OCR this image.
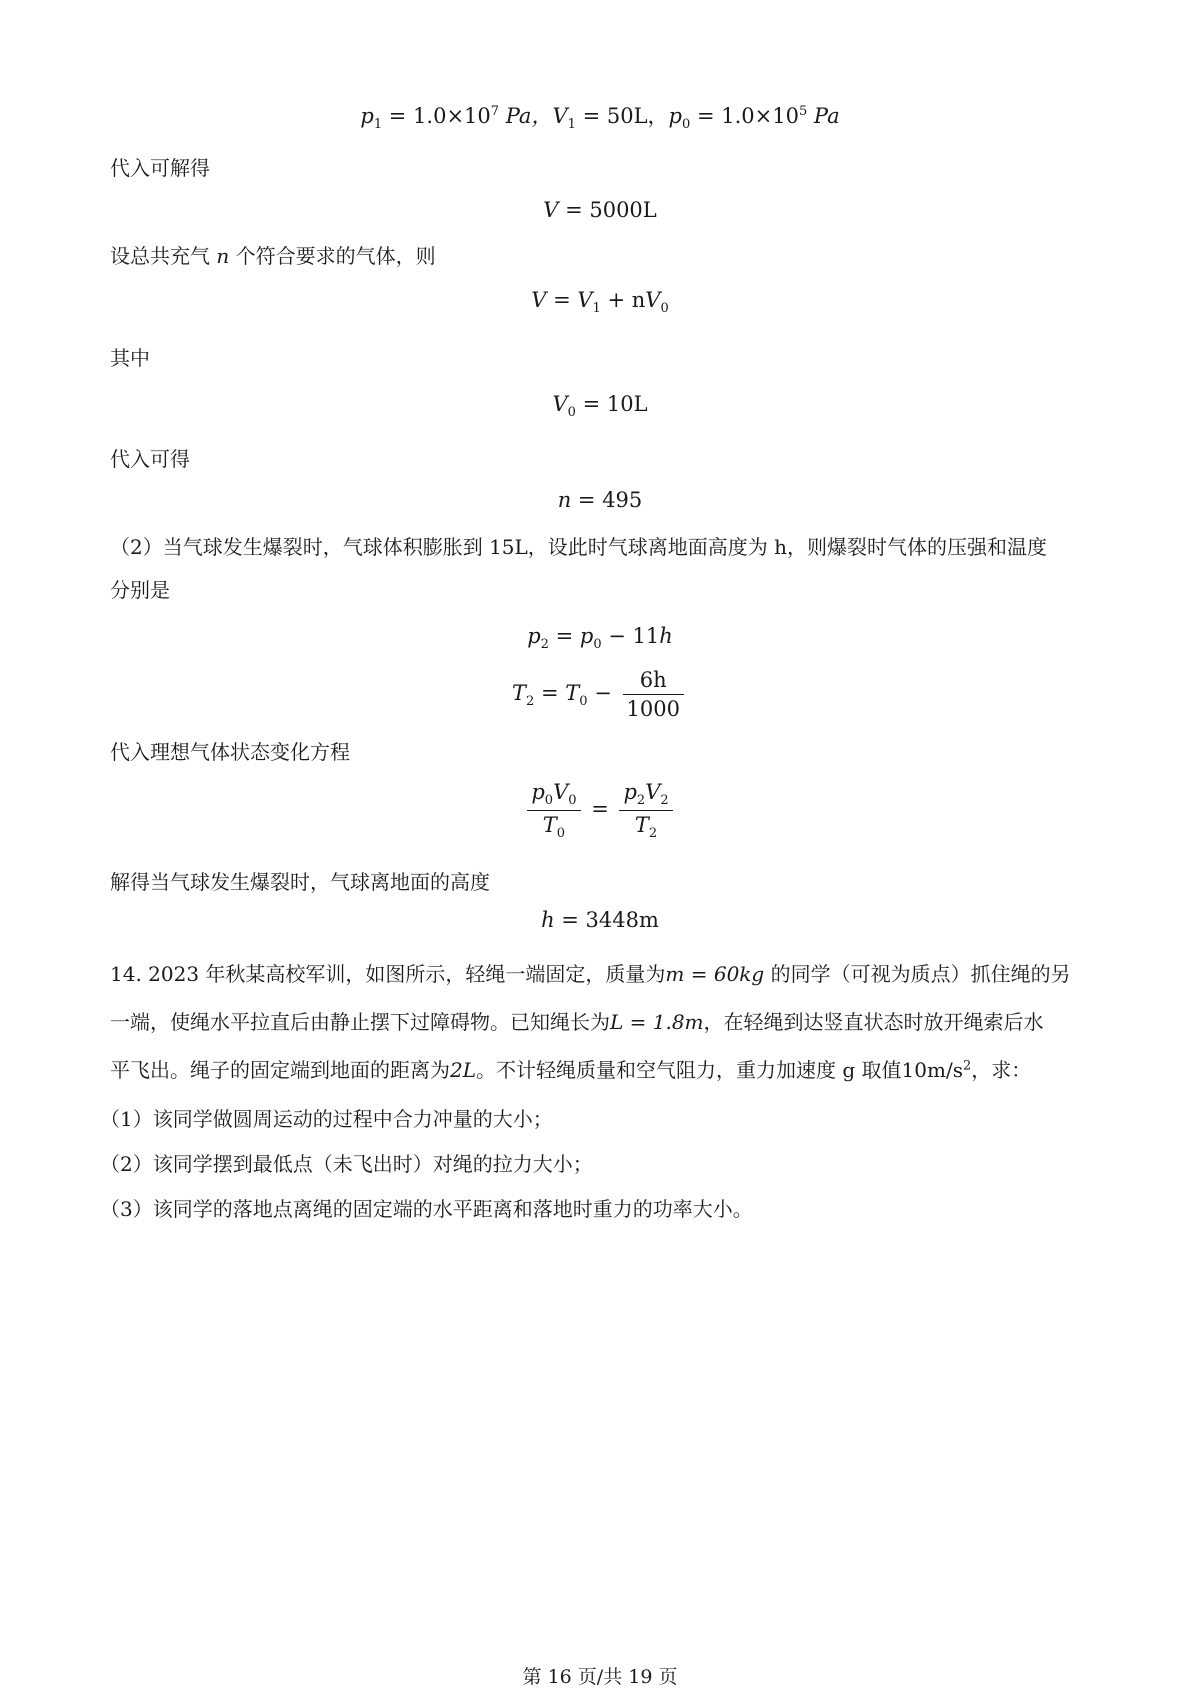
$p_1 = 1.0\times 10^7$ Pa，$V_1 = 50L$，$p_0 = 1.0\times 10^5$ Pa
代入可解得
V = 5000L
设总共充气 n 个符合要求的气体，则
$V = V_1 + nV_0$
其中
$V_0 = 10L$
代入可得
n = 495
（2）当气球发生爆裂时，气球体积膨胀到 15L，设此时气球离地面高度为 h，则爆裂时气体的压强和温度
分别是
$p_2 = p_0 - 11h$
$T_2 = T_0 - \frac{6h}{1000}$
代入理想气体状态变化方程
$\frac{p_0V_0}{T_0} = \frac{p_2V_2}{T_2}$
解得当气球发生爆裂时，气球离地面的高度
h = 3448m
14. 2023 年秋某高校军训，如图所示，轻绳一端固定，质量为m = 60kg 的同学（可视为质点）抓住绳的另
一端，使绳水平拉直后由静止摆下过障碍物。已知绳长为L = 1.8m，在轻绳到达竖直状态时放开绳索后水
平飞出。绳子的固定端到地面的距离为2L。不计轻绳质量和空气阻力，重力加速度 g 取值$10m/s^2$，求：
（1）该同学做圆周运动的过程中合力冲量的大小；
（2）该同学摆到最低点（未飞出时）对绳的拉力大小；
（3）该同学的落地点离绳的固定端的水平距离和落地时重力的功率大小。
第 16 页/共 19 页
